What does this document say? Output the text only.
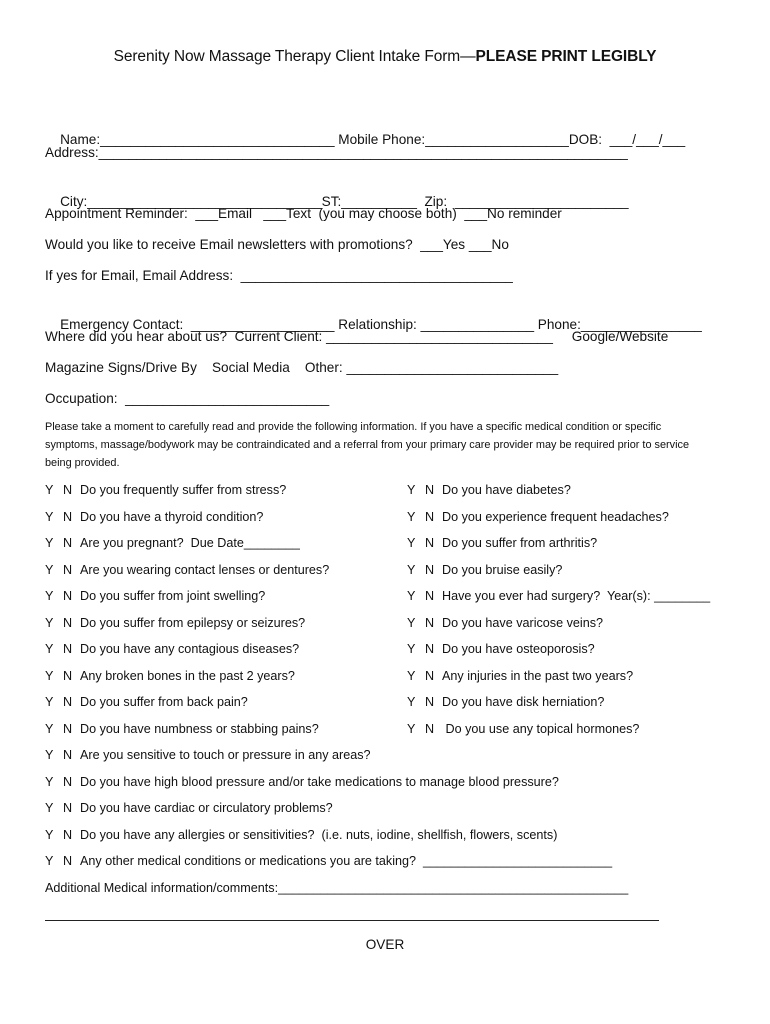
Serenity Now Massage Therapy Client Intake Form—PLEASE PRINT LEGIBLY

Name:_______________________________ Mobile Phone:___________________DOB:  ___/___/___

Address:______________________________________________________________________

City:_______________________________ST:__________  Zip:  _______________________

Appointment Reminder:  ___Email   ___Text  (you may choose both)  ___No reminder
Would you like to receive Email newsletters with promotions?  ___Yes ___No
If yes for Email, Email Address:  ____________________________________

Emergency Contact:  ___________________ Relationship: _______________ Phone:________________

Where did you hear about us?  Current Client: ______________________________     Google/Website
Magazine Signs/Drive By    Social Media    Other: ____________________________
Occupation:  ___________________________
Please take a moment to carefully read and provide the following information. If you have a specific medical condition or specific symptoms, massage/bodywork may be contraindicated and a referral from your primary care provider may be required prior to service being provided.
Y N Do you frequently suffer from stress?
Y N Do you have a thyroid condition?
Y N Are you pregnant?  Due Date________
Y N Are you wearing contact lenses or dentures?
Y N Do you suffer from joint swelling?
Y N Do you suffer from epilepsy or seizures?
Y N Do you have any contagious diseases?
Y N Any broken bones in the past 2 years?
Y N Do you suffer from back pain?
Y N Do you have numbness or stabbing pains?
Y N Do you have diabetes?
Y N Do you experience frequent headaches?
Y N Do you suffer from arthritis?
Y N Do you bruise easily?
Y N Have you ever had surgery?  Year(s): ________
Y N Do you have varicose veins?
Y N Do you have osteoporosis?
Y N Any injuries in the past two years?
Y N Do you have disk herniation?
Y N Do you use any topical hormones?
Y N Are you sensitive to touch or pressure in any areas?
Y N Do you have high blood pressure and/or take medications to manage blood pressure?
Y N Do you have cardiac or circulatory problems?
Y N Do you have any allergies or sensitivities?  (i.e. nuts, iodine, shellfish, flowers, scents)
Y N Any other medical conditions or medications you are taking?  ___________________________
Additional Medical information/comments:__________________________________________________
OVER
